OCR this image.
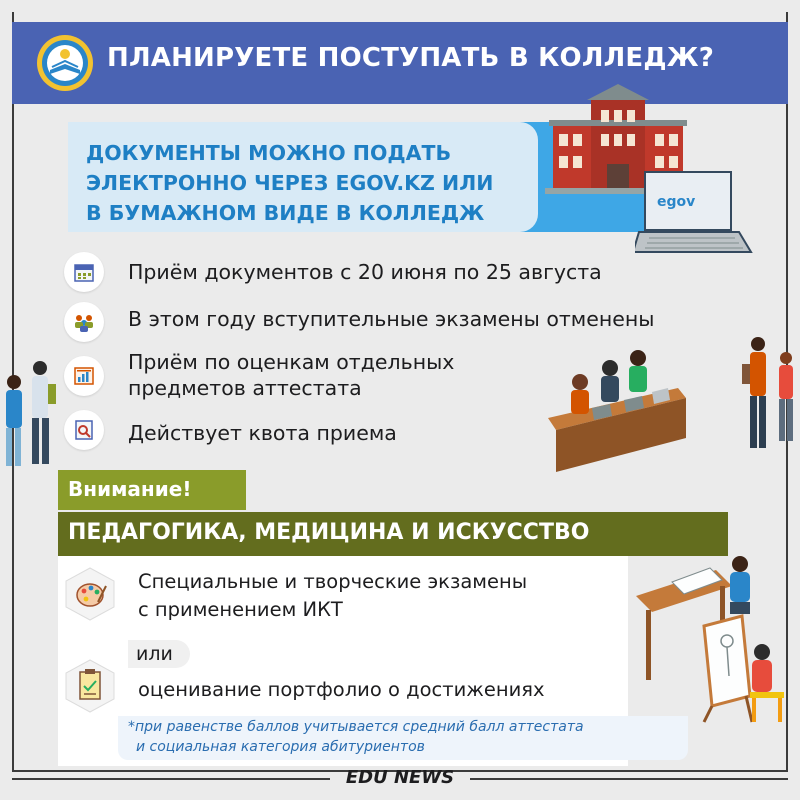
ПЛАНИРУЕТЕ ПОСТУПАТЬ В КОЛЛЕДЖ?
ДОКУМЕНТЫ МОЖНО ПОДАТЬ
ЭЛЕКТРОННО ЧЕРЕЗ EGOV.KZ ИЛИ
В БУМАЖНОМ ВИДЕ В КОЛЛЕДЖ	egov
Приём документов с 20 июня по 25 августа
В этом году вступительные экзамены отменены
Приём по оценкам отдельных
предметов аттестата
Действует квота приема
Внимание!
ПЕДАГОГИКА, МЕДИЦИНА И ИСКУССТВО
Специальные и творческие экзамены
с применением ИКТ
или
оценивание портфолио о достижениях
*при равенстве баллов учитывается средний балл аттестата
и социальная категория абитуриентов
EDU NEWS
